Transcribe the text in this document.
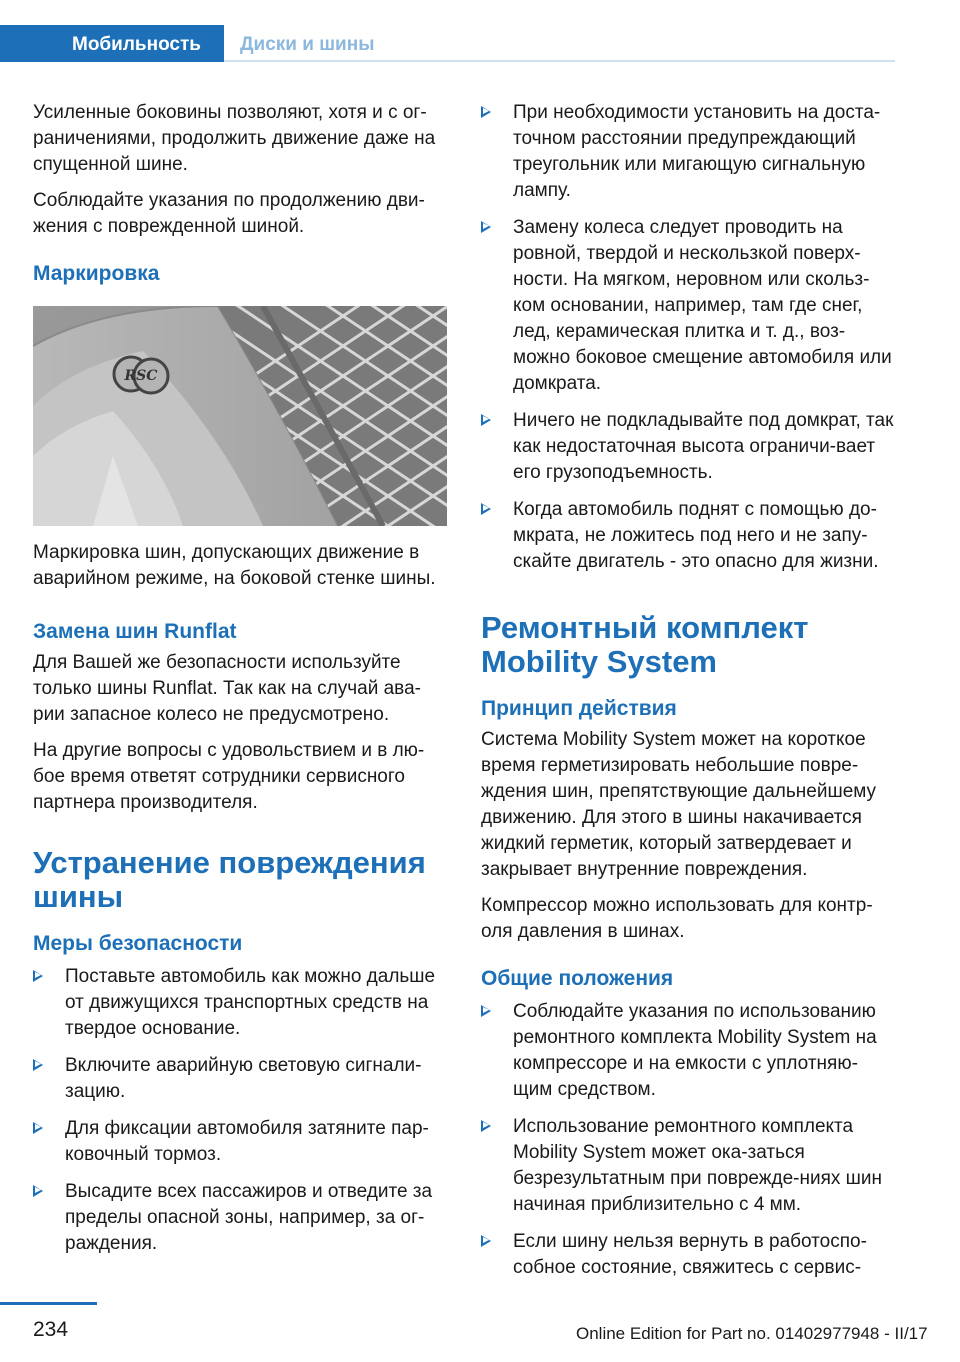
Мобильность	Диски и шины

Усиленные боковины позволяют, хотя и с ог‐раничениями, продолжить движение даже на спущенной шине.

Соблюдайте указания по продолжению дви‐жения с поврежденной шиной.

Маркировка
RSC

Маркировка шин, допускающих движение в аварийном режиме, на боковой стенке шины.

Замена шин Runflat

Для Вашей же безопасности используйте только шины Runflat. Так как на случай ава‐рии запасное колесо не предусмотрено.

На другие вопросы с удовольствием и в лю‐бое время ответят сотрудники сервисного партнера производителя.

Устранение повреждения шины
Меры безопасности
Поставьте автомобиль как можно дальше от движущихся транспортных средств на твердое основание.
Включите аварийную световую сигнали‐зацию.
Для фиксации автомобиля затяните пар‐ковочный тормоз.
Высадите всех пассажиров и отведите за пределы опасной зоны, например, за ог‐раждения.
При необходимости установить на доста‐точном расстоянии предупреждающий треугольник или мигающую сигнальную лампу.
Замену колеса следует проводить на ровной, твердой и нескользкой поверх‐ности. На мягком, неровном или скольз‐ком основании, например, там где снег, лед, керамическая плитка и т. д., воз‐можно боковое смещение автомобиля или домкрата.
Ничего не подкладывайте под домкрат, так как недостаточная высота ограничи‐вает его грузоподъемность.
Когда автомобиль поднят с помощью до‐мкрата, не ложитесь под него и не запу‐скайте двигатель - это опасно для жизни.
Ремонтный комплект Mobility System
Принцип действия

Система Mobility System может на короткое время герметизировать небольшие повре‐ждения шин, препятствующие дальнейшему движению. Для этого в шины накачивается жидкий герметик, который затвердевает и закрывает внутренние повреждения.

Компрессор можно использовать для контр‐оля давления в шинах.

Общие положения
Соблюдайте указания по использованию ремонтного комплекта Mobility System на компрессоре и на емкости с уплотняю‐щим средством.
Использование ремонтного комплекта Mobility System может ока‐заться безрезультатным при поврежде‐ниях шин начиная приблизительно с 4 мм.
Если шину нельзя вернуть в работоспо‐собное состояние, свяжитесь с сервис‐
234	Online Edition for Part no. 01402977948 - II/17
